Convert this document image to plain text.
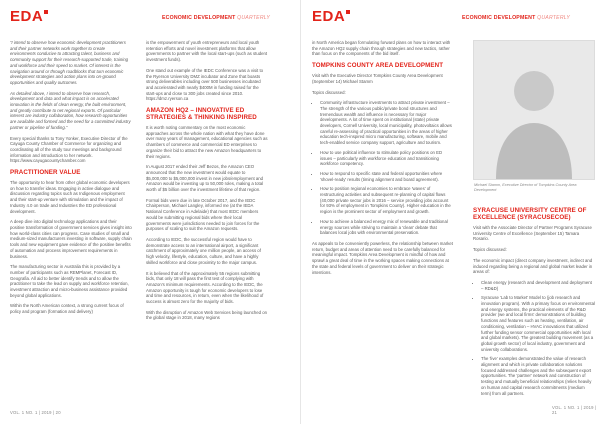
EDA	ECONOMIC DEVELOPMENT QUARTERLY

“I intend to observe how economic development practitioners and their partner networks work together to create environments conducive to attracting talent, business and community support for their research-supported trade, training and workforce and their speed to market. Of interest is the navigation around or through roadblocks that turn economic development strategies and action plans into on-ground opportunities and quality outcomes.

As detailed above, I intend to observe how research, development and data and what impact is on accelerated innovation in the fields of clean energy, the built environment, and greatly contribute to net regional exports. Of particular interest are industry collaboration, how research opportunities are available and formed and the need for a committed industry partner or pipeline of funding.”

Every special thanks to Tony Yonker, Executive Director of the Cayuga County Chamber of Commerce for organizing and coordinating all of the study tour meetings and background information and introduction to her network. https://www.cayugacountychamber.com

PRACTITIONER VALUE

The opportunity to hear from other global economic developers on how to transfer ideas. Engaging in active dialogue and discussion regarding topics such as Indigenous employment and their start-up venture with stimulation and the impact of Industry 4.0 on trade and Industries the ED professional development.

A deep dive into digital technology applications and their positive transformation of government services gives insight into how world-class cities can progress. Case studies of small and medium-sized manufacturers investing in software, supply chain tools and new equipment gave evidence of the positive benefits of automation and process improvement requirements in business.

The manufacturing sector in Australia this is provided by a number of participants such as REMPlanet, Forecast ID, Geografia. All aid to better identify trends and to allow the practitioner to take the lead on supply and workforce retention, investment attraction and micro-business assistance provided beyond global applications.

Within the North American context, a strong current focus of policy and program (formation and delivery)

is the empowerment of youth entrepreneurs and local youth retention efforts and novel investment platforms that allow governments to partner with the local start-ups (such as student investment funds).

One stand out example of the IEDC Conference was a visit to the Ryerson University DMZ incubator and Zone that boasts strong deliverables including over 500 businesses incubated and accelerated with nearly $400M in funding raised for the start-ups and close to 300 jobs created since 2010. https://dmz.ryerson.ca

AMAZON HQ2 – INNOVATIVE ED STRATEGIES & THINKING INSPIRED

It is worth noting commentary on the most economic approaches across the whole nation with what they have done over many years of management, educational agencies such as chambers of commerce and commercial ED enterprises to organize their bid to attract the new Amazon headquarters to their regions.

In August 2017 ended their Jeff Bezos, the Amazon CEO announced that the new investment would equate to $5,000,000 to $5,000,000 invest in new jobs/employment and Amazon would be investing up to 50,000 roles, making a total worth of $5 billion over the investment lifetime of that region.

Formal bids were due in late October 2017, and the IEDC Chairperson, Michael Langley, informed me (at the IEDA National Conference in Adelaide) that most IEDC members would be submitting regional bids where their local governments were jurisdictions needed to join forces for the purposes of scaling to suit the Amazon requests.

According to IEDC, the successful region would have to demonstrate access to an international airport, a significant catchment of approximately one million people, an access of high velocity, lifestyle, education, culture, and have a highly skilled workforce and close proximity to the major campus.

It is believed that of the approximately 55 regions submitting bids, that only 18 will pass the first test of complying with Amazon's minimum requirements. According to the IEDC, the Amazon opportunity is tough for economic developers to lose and time and resources, in return, even when the likelihood of success is almost zero for the majority of bids.

With the disruption of Amazon Web Services being launched on the global stage in 2018, many regions

VOL. 1 NO. 1 | 2019 | 20
EDA	ECONOMIC DEVELOPMENT QUARTERLY

in North America began formulating forward plans on how to interact with the Amazon HQ2 supply chain through strategies and new tactics, rather than focus on the components of the bid itself.

TOMPKINS COUNTY AREA DEVELOPMENT

Visit with the Executive Director Tompkins County Area Development (September 14) Michael Stamm

Topics discussed:

• Community infrastructure investments to attract private investment – The strength of the various public/private bond structures and tremendous wealth and influence is necessary for major developments. A lot of time spent on institutional (state) private developers, Cornell University, local municipality, photovoltaics allows careful re-assessing of practical opportunities in the areas of higher education tech-inspired micro manufacturing, software, mobile and tech-enabled service company support, agriculture and tourism.
• How to use political influence to stimulate policy positions on ED issues – particularly with workforce education and transitioning workforce competency.
• How to respond to specific state and federal opportunities where 'shovel-ready' results (timing alignment and board agreement).
• How to position regional economies to embrace 'waves' of restructuring activities and subsequent re-planning of capital flows (40,000 private sector jobs in 2016 – service providing jobs account for 93% of employment in Tompkins County). Higher education in the region is the prominent sector of employment and growth.
• How to achieve a balanced energy mix of renewable and traditional energy sources while striving to maintain a 'clean' debate that balances local jobs with environmental preservation.

As appeals to be conveniently powerless, the relationship between market return, budget and areas of attention need to be carefully balanced for meaningful impact. Tompkins Area Development is mindful of how and sprawl a great deal of time in the working spaces making connections at the state and federal levels of government to deliver on their strategic intentions.

Michael Stamm, Executive Director of Tompkins County Area Development
SYRACUSE UNIVERSITY CENTRE OF EXCELLENCE (SYRACUSECOE)

Visit with the Associate Director of Partner Programs Syracuse University Centre of Excellence (September 15) Tamara Rosario.

Topics discussed:

The economic impact (direct company investment, indirect and induced regarding being a regional and global market leader in areas of:

• Clean energy (research and development and deployment – RD&D)
• Syracuse 'Lab to Market' Model to (job research and innovation program). With a primary focus on environmental and energy systems, the practical elements of the R&D provider (we and local firms' demonstrations of building functions and features such as heating, ventilation, air conditioning, ventilation – HVAC innovations that utilized further funding sensor commercial opportunities with local and global markets). The greatest building movement (as a global growth sector) of local industry, government and university collaborations.
• The 'live' examples demonstrated the value of research alignment and which is private collaboration solutions focused addressed challenges and the subsequent export opportunities. The 'partner' network and construction of testing and mutually beneficial relationships (relies heavily on human and capital research commitments (medium term) from all partners.
VOL. 1 NO. 1 | 2019 | 21
